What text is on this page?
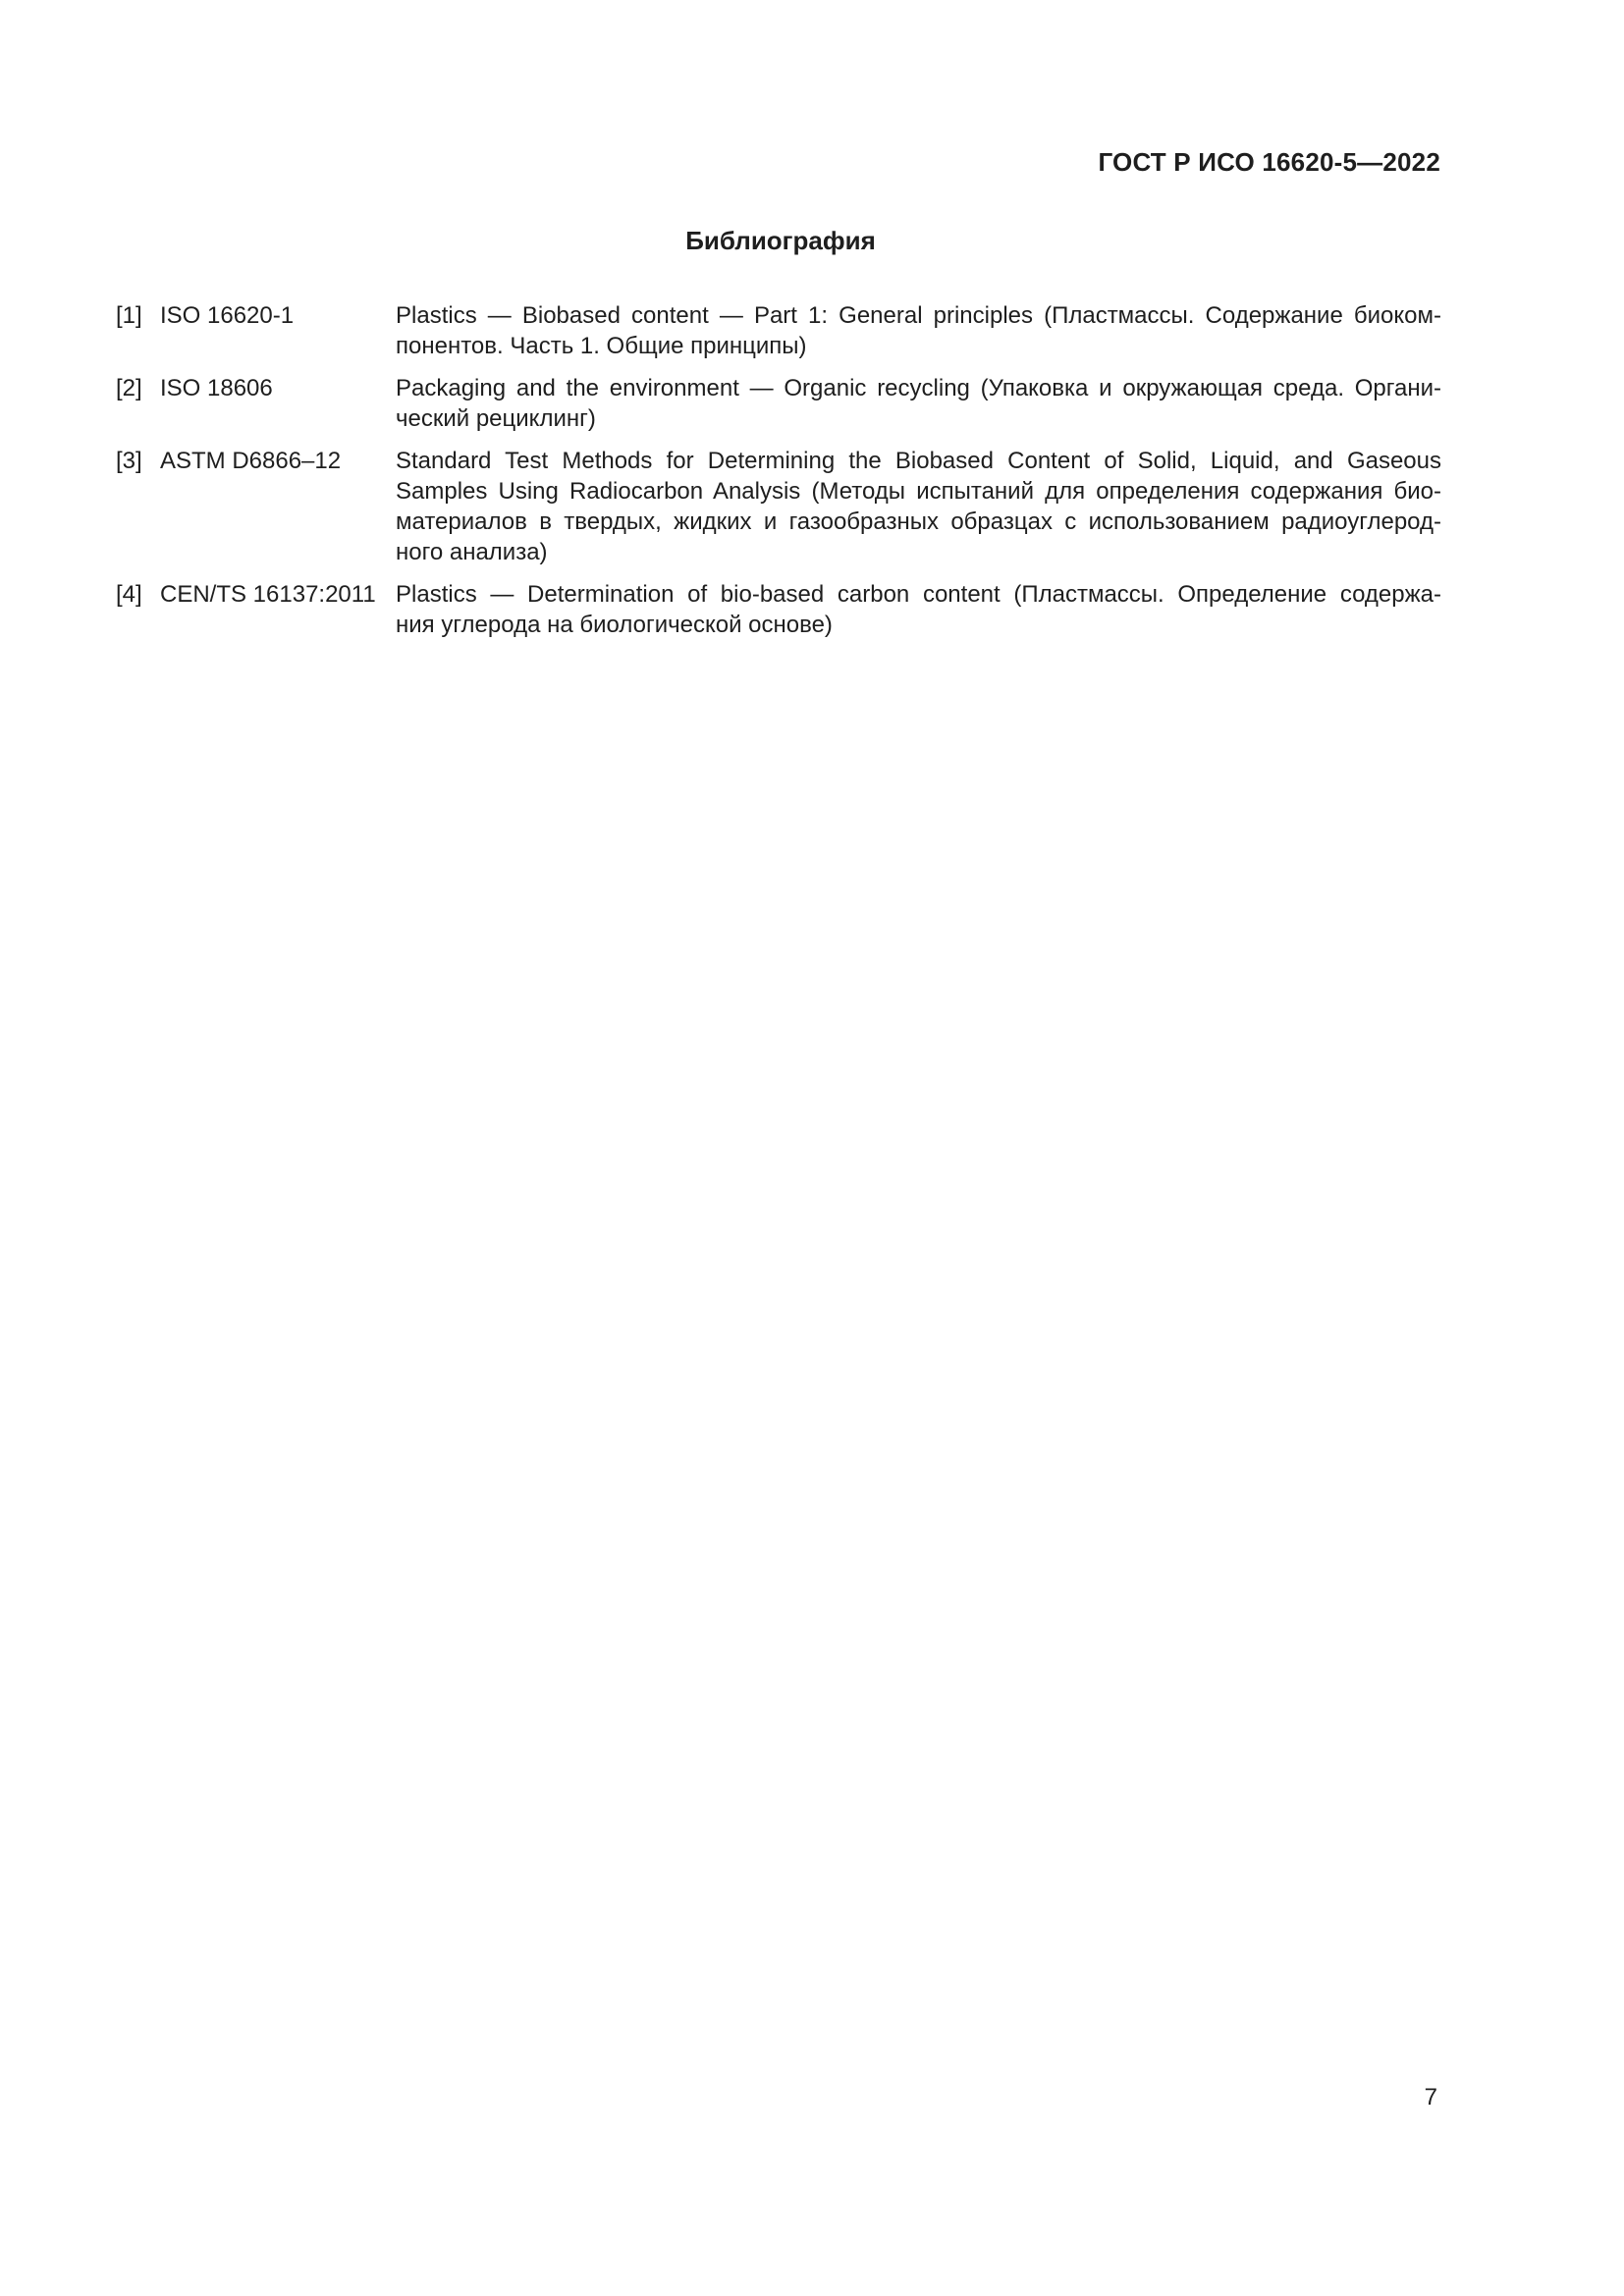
ГОСТ Р ИСО 16620-5—2022
Библиография
[1] ISO 16620-1	Plastics — Biobased content — Part 1: General principles (Пластмассы. Содержание биоком-
понентов. Часть 1. Общие принципы)
[2] ISO 18606	Packaging and the environment — Organic recycling (Упаковка и окружающая среда. Органи-
ческий рециклинг)
[3] ASTM D6866–12	Standard Test Methods for Determining the Biobased Content of Solid, Liquid, and Gaseous
Samples Using Radiocarbon Analysis (Методы испытаний для определения содержания био-
материалов в твердых, жидких и газообразных образцах с использованием радиоуглерод-
ного анализа)
[4] CEN/TS 16137:2011 Plastics — Determination of bio-based carbon content (Пластмассы. Определение содержа-
ния углерода на биологической основе)
7
